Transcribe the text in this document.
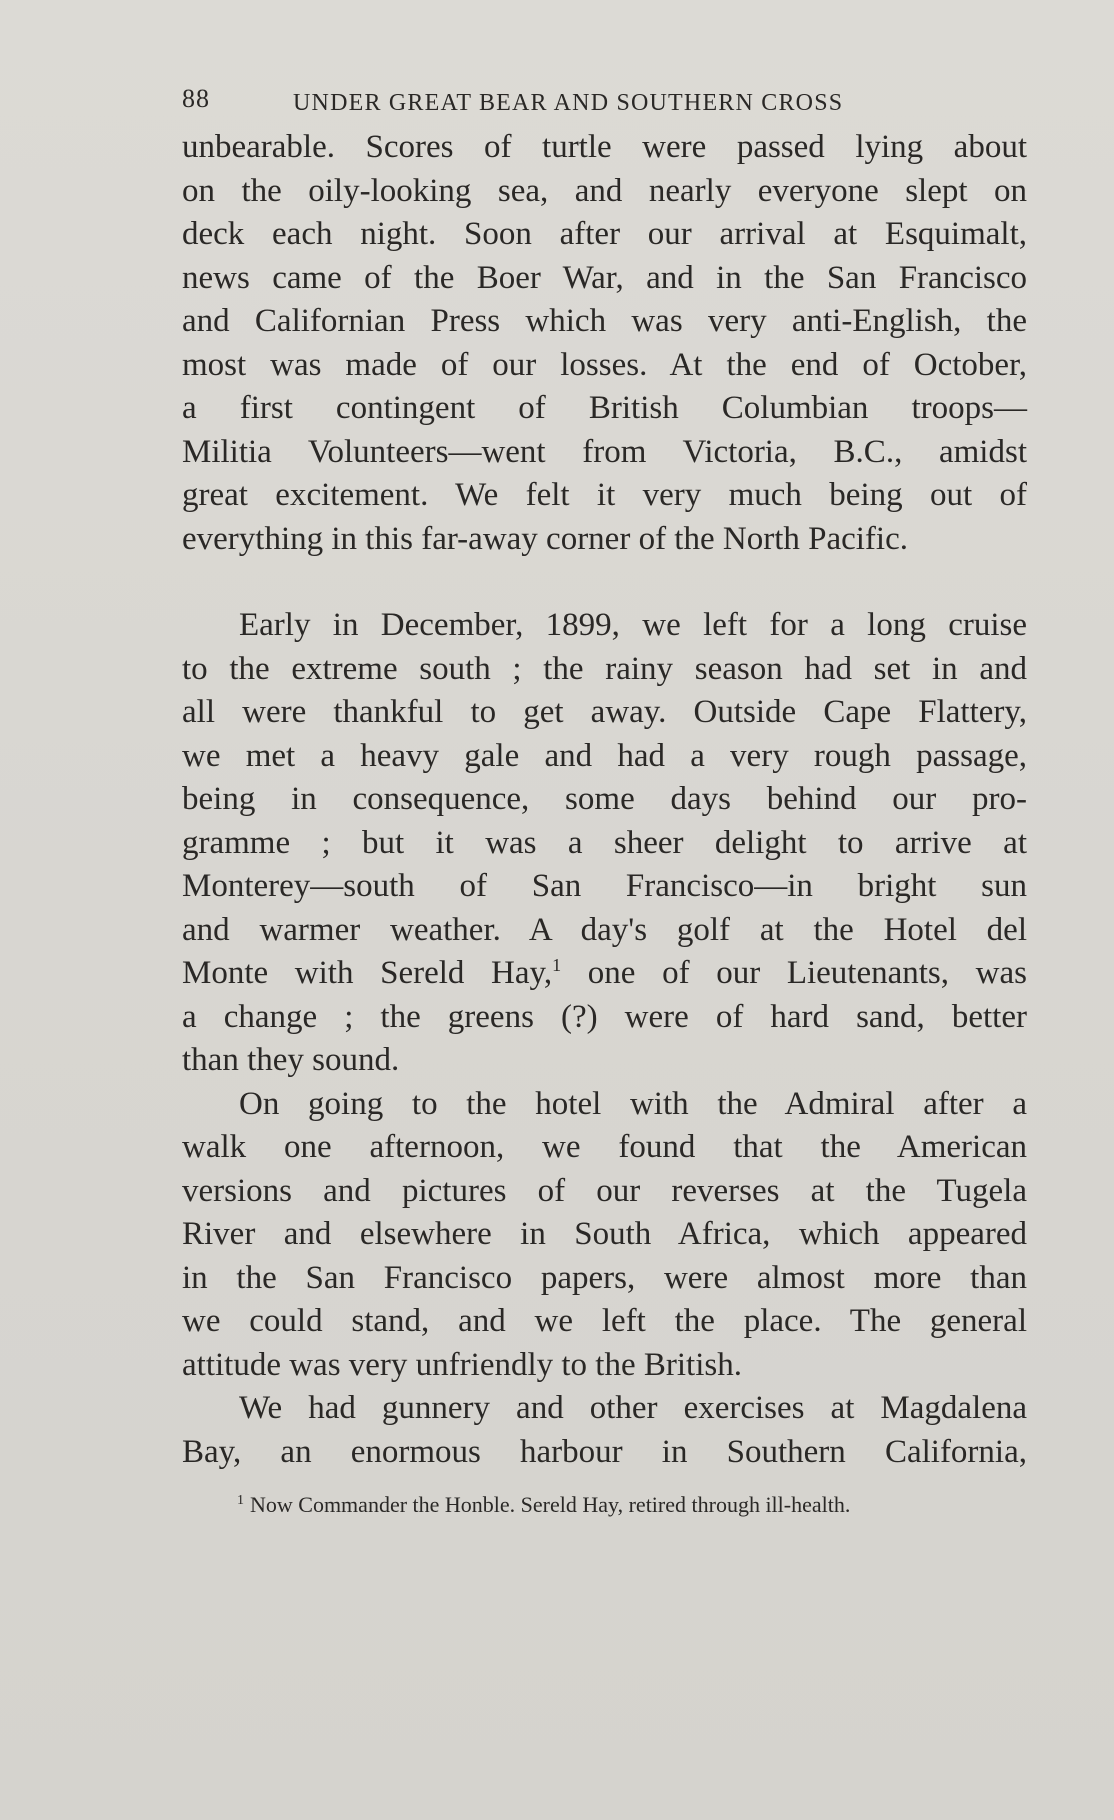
88	UNDER GREAT BEAR AND SOUTHERN CROSS

unbearable. Scores of turtle were passed lying about
on the oily-looking sea, and nearly everyone slept on
deck each night. Soon after our arrival at Esquimalt,
news came of the Boer War, and in the San Francisco
and Californian Press which was very anti-English, the
most was made of our losses. At the end of October,
a first contingent of British Columbian troops—
Militia Volunteers—went from Victoria, B.C., amidst
great excitement. We felt it very much being out of
everything in this far-away corner of the North Pacific.

Early in December, 1899, we left for a long cruise
to the extreme south ; the rainy season had set in and
all were thankful to get away. Outside Cape Flattery,
we met a heavy gale and had a very rough passage,
being in consequence, some days behind our pro-
gramme ; but it was a sheer delight to arrive at
Monterey—south of San Francisco—in bright sun
and warmer weather. A day's golf at the Hotel del
Monte with Sereld Hay,$^1$ one of our Lieutenants, was
a change ; the greens (?) were of hard sand, better
than they sound.

On going to the hotel with the Admiral after a
walk one afternoon, we found that the American
versions and pictures of our reverses at the Tugela
River and elsewhere in South Africa, which appeared
in the San Francisco papers, were almost more than
we could stand, and we left the place. The general
attitude was very unfriendly to the British.

We had gunnery and other exercises at Magdalena
Bay, an enormous harbour in Southern California,

$^1$ Now Commander the Honble. Sereld Hay, retired through ill-health.
